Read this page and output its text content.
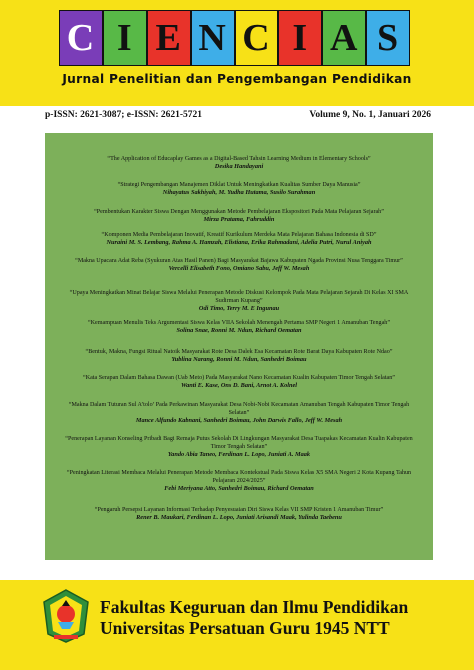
C I E N C I A S
Jurnal Penelitian dan Pengembangan Pendidikan
p-ISSN: 2621-3087; e-ISSN: 2621-5721	Volume 9, No. 1, Januari 2026
“The Application of Educaplay Games as a Digital-Based Tahsin Learning Medium in Elementary Schools”
Desika Handayani
“Strategi Pengembangan Manajemen Diklat Untuk Meningkatkan Kualitas Sumber Daya Manusia”
Nihayatus Sakhiyah, M. Yudha Hutama, Susilo Surahman
“Pembentukan Karakter Siswa Dengan Menggunakan Metode Pembelajaran Ekspositori Pada Mata Pelajaran Sejarah”
Mirza Pratama, Fahruddin
“Komponen Media Pembelajaran Inovatif, Kreatif Kurikulum Merdeka Mata Pelajaran Bahasa Indonesia di SD”
Nuraini M. S. Lembang, Rahma A. Hamzah, Elistiana, Erika Rahmadani, Adelia Putri, Nurul Aniyah
“Makna Upacara Adat Reba (Syukuran Atas Hasil Panen) Bagi Masyarakat Bajawa Kabupaten Ngada Provinsi Nusa Tenggara Timur”
Vercelli Elisabeth Fono, Omiano Sabu, Jeff W. Mesah
“Upaya Meningkatkan Minat Belajar Siswa Melalui Penerapan Metode Diskusi Kelompok Pada Mata Pelajaran Sejarah Di Kelas XI SMA Sudirman Kupang”
Odi Timo, Terry M. E Ingunau
“Kemampuan Menulis Teks Argumentasi Siswa Kelas VIIA Sekolah Menengah Pertama SMP Negeri 1 Amanuban Tengah”
Solina Snae, Ronni M. Ndun, Richard Oematan
“Bentuk, Makna, Fungsi Ritual Natoik Masyarakat Rote Desa Dalek Esa Kecamatan Rote Barat Daya Kabupaten Rote Ndao”
Yublina Narang, Ronni M. Ndun, Sanhedri Boimau
“Kata Serapan Dalam Bahasa Dawan (Uab Meto) Pada Masyarakat Nano Kecamatan Kualin Kabupaten Timor Tengah Selatan”
Wanti E. Kase, Ons D. Bani, Arnot A. Kolnel
“Makna Dalam Tuturan Sul A’tolo’ Pada Perkawinan Masyarakat Desa Nobi-Nobi Kecamatan Amanuban Tengah Kabupaten Timor Tengah Selatan”
Mance Alfundo Kabnani, Sanhedri Boimau, John Darwis Fallo, Jeff W. Mesah
“Penerapan Layanan Konseling Pribadi Bagi Remaja Putus Sekolah Di Lingkungan Masyarakat Desa Tuapakas Kecamatan Kualin Kabupaten Timor Tengah Selatan”
Yando Abia Taneo, Ferdinan L. Lopo, Juniati A. Maak
“Peningkatan Literasi Membaca Melalui Penerapan Metode Membaca Kontekstual Pada Siswa Kelas X5 SMA Negeri 2 Kota Kupang Tahun Pelajaran 2024/2025”
Febi Meriyana Atto, Sanhedri Boimau, Richard Oematan
“Pengaruh Persepsi Layanan Informasi Terhadap Penyesuaian Diri Siswa Kelas VII SMP Kristen 1 Amanuban Timur”
Rener B. Maukari, Ferdinan L. Lopo, Juniati Arisandi Maak, Yulinda Taebenu
Fakultas Keguruan dan Ilmu Pendidikan
Universitas Persatuan Guru 1945 NTT
